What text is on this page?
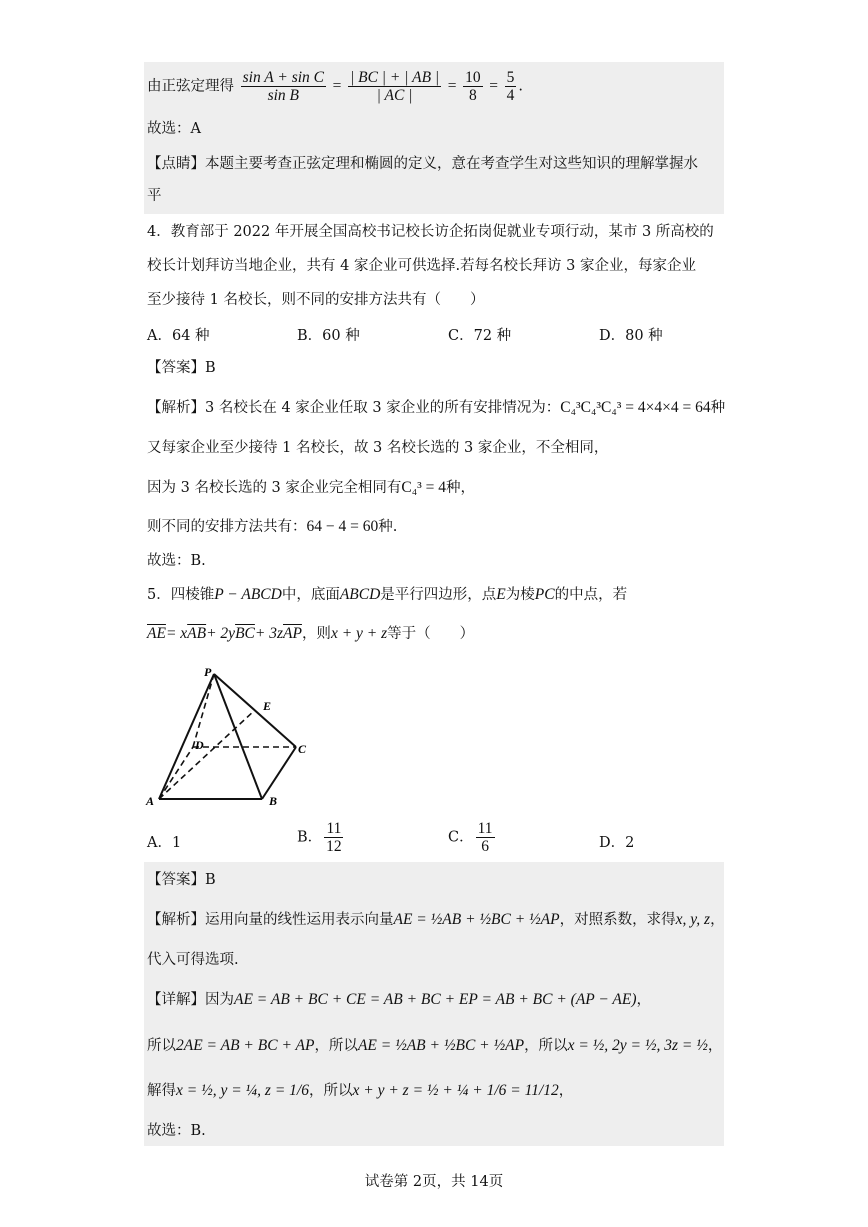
由正弦定理得 $\frac{\text{sin A + sin C}}{\text{sin B}} = \frac{| BC | + | AB |}{| AC |} = \frac{10}{8} = \frac{5}{4}$ .
故选：A
【点睛】本题主要考查正弦定理和椭圆的定义，意在考查学生对这些知识的理解掌握水
平
4．教育部于 2022 年开展全国高校书记校长访企拓岗促就业专项行动，某市 3 所高校的
校长计划拜访当地企业，共有 4 家企业可供选择.若每名校长拜访 3 家企业，每家企业
至少接待 1 名校长，则不同的安排方法共有（　　）
A．64 种	B．60 种	C．72 种	D．80 种
【答案】B
【解析】3 名校长在 4 家企业任取 3 家企业的所有安排情况为：C₄³C₄³C₄³ = 4×4×4 = 64种
又每家企业至少接待 1 名校长，故 3 名校长选的 3 家企业，不全相同，
因为 3 名校长选的 3 家企业完全相同有C₄³ = 4种，
则不同的安排方法共有：64 − 4 = 60种.
故选：B.
5．四棱锥P − ABCD中，底面ABCD是平行四边形，点E为棱PC的中点，若
$\overline{AE}= x\overline{AB}+ 2y\overline{BC}+ 3z\overline{AP}$，则x + y + z等于（　　）
P
E
D	C
A	B
A．1	B． $\frac{11}{12}$	C． $\frac{11}{6}$	D．2
【答案】B
【解析】运用向量的线性运用表示向量AE = ½AB + ½BC + ½AP，对照系数，求得x, y, z，
代入可得选项.
【详解】因为AE = AB + BC + CE = AB + BC + EP = AB + BC + (AP − AE)，
所以2AE = AB + BC + AP，所以AE = ½AB + ½BC + ½AP，所以x = ½, 2y = ½, 3z = ½，
解得x = ½, y = ¼, z = 1/6，所以x + y + z = ½ + ¼ + 1/6 = 11/12，
故选：B.
试卷第 2页，共 14页
